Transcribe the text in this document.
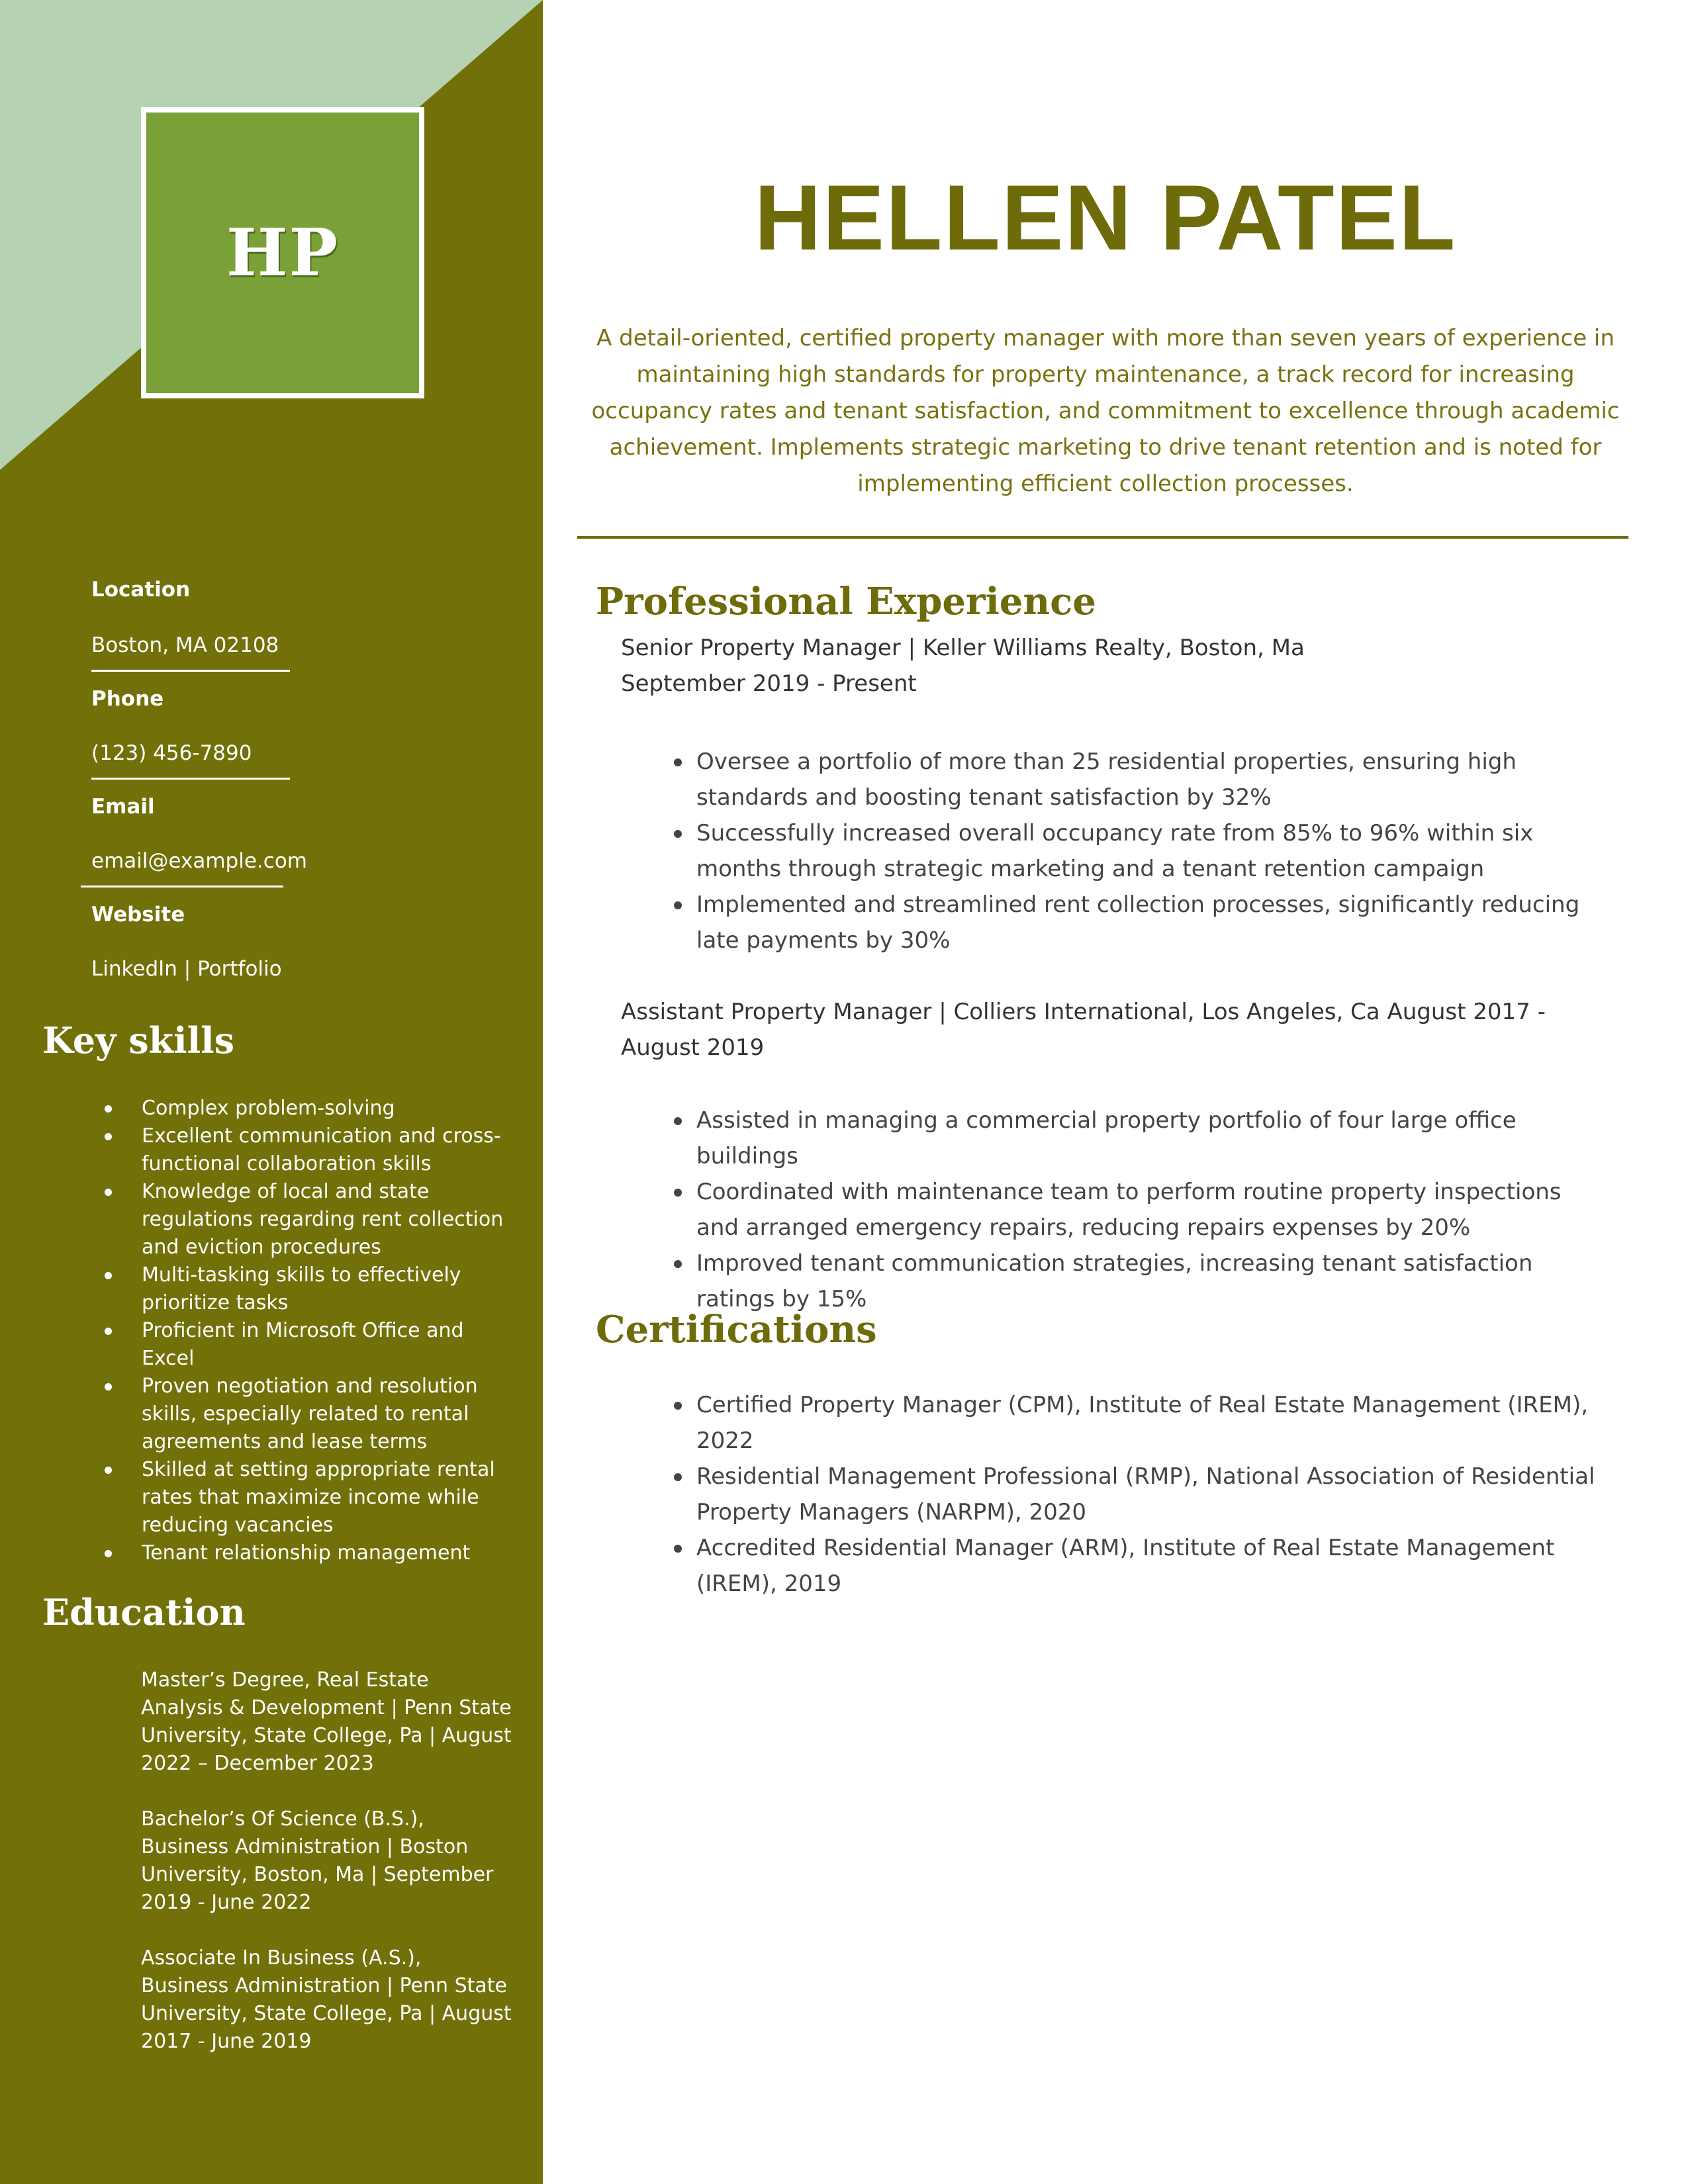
HP
Location
Boston, MA 02108
Phone
(123) 456-7890
Email
email@example.com
Website
LinkedIn | Portfolio
Key skills
Complex problem-solving
Excellent communication and cross-functional collaboration skills
Knowledge of local and state regulations regarding rent collection and eviction procedures
Multi-tasking skills to effectively prioritize tasks
Proficient in Microsoft Office and Excel
Proven negotiation and resolution skills, especially related to rental agreements and lease terms
Skilled at setting appropriate rental rates that maximize income while reducing vacancies
Tenant relationship management
Education
Master’s Degree, Real Estate Analysis & Development | Penn State University, State College, Pa | August 2022 – December 2023
Bachelor’s Of Science (B.S.), Business Administration | Boston University, Boston, Ma | September 2019 - June 2022
Associate In Business (A.S.), Business Administration | Penn State University, State College, Pa | August 2017 - June 2019
HELLEN PATEL
A detail-oriented, certified property manager with more than seven years of experience in maintaining high standards for property maintenance, a track record for increasing occupancy rates and tenant satisfaction, and commitment to excellence through academic achievement. Implements strategic marketing to drive tenant retention and is noted for implementing efficient collection processes.
Professional Experience
Senior Property Manager | Keller Williams Realty, Boston, Ma
September 2019 - Present
Oversee a portfolio of more than 25 residential properties, ensuring high standards and boosting tenant satisfaction by 32%
Successfully increased overall occupancy rate from 85% to 96% within six months through strategic marketing and a tenant retention campaign
Implemented and streamlined rent collection processes, significantly reducing late payments by 30%
Assistant Property Manager | Colliers International, Los Angeles, Ca August 2017 - August 2019
Assisted in managing a commercial property portfolio of four large office buildings
Coordinated with maintenance team to perform routine property inspections and arranged emergency repairs, reducing repairs expenses by 20%
Improved tenant communication strategies, increasing tenant satisfaction ratings by 15%
Certifications
Certified Property Manager (CPM), Institute of Real Estate Management (IREM), 2022
Residential Management Professional (RMP), National Association of Residential Property Managers (NARPM), 2020
Accredited Residential Manager (ARM), Institute of Real Estate Management (IREM), 2019
